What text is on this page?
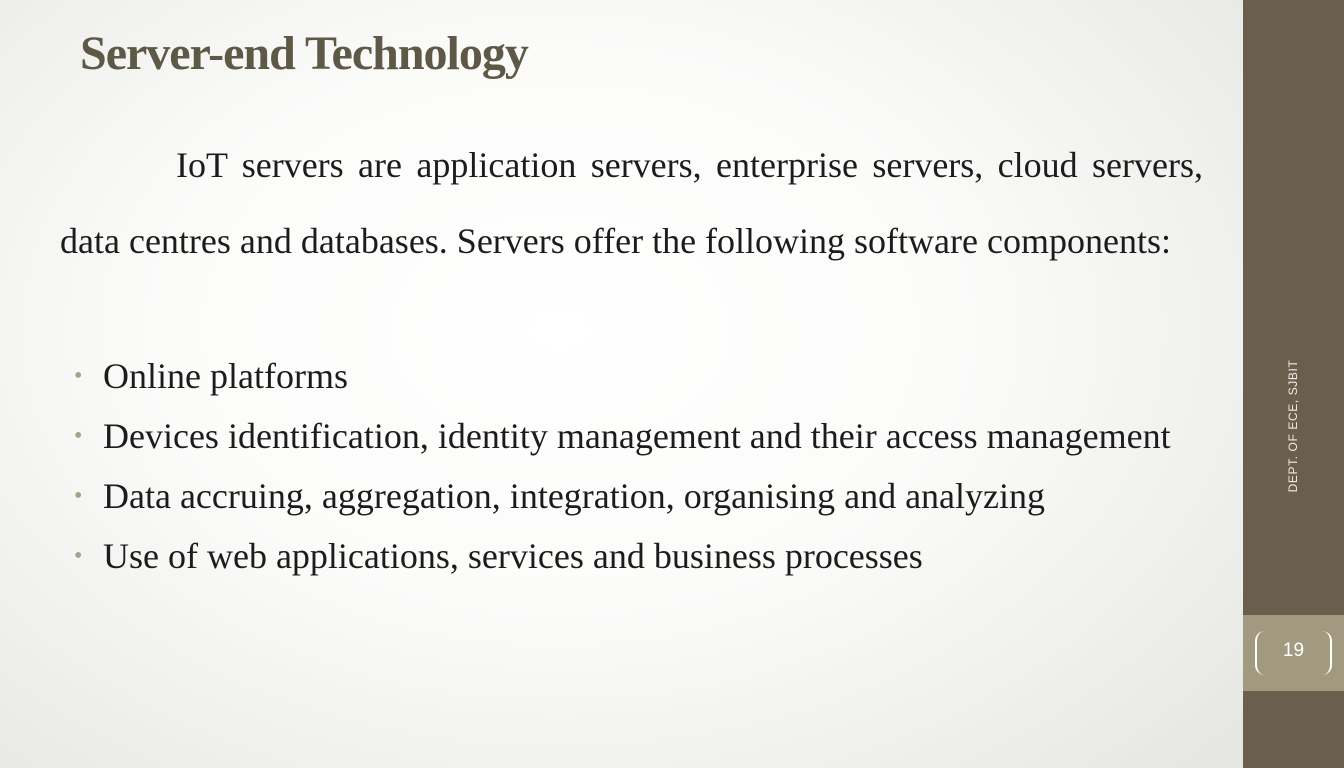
Server-end Technology

IoT servers are application servers, enterprise servers, cloud servers, data centres and databases. Servers offer the following software components:

• Online platforms
• Devices identification, identity management and their access management
• Data accruing, aggregation, integration, organising and analyzing
• Use of web applications, services and business processes
DEPT. OF ECE, SJBIT
19
